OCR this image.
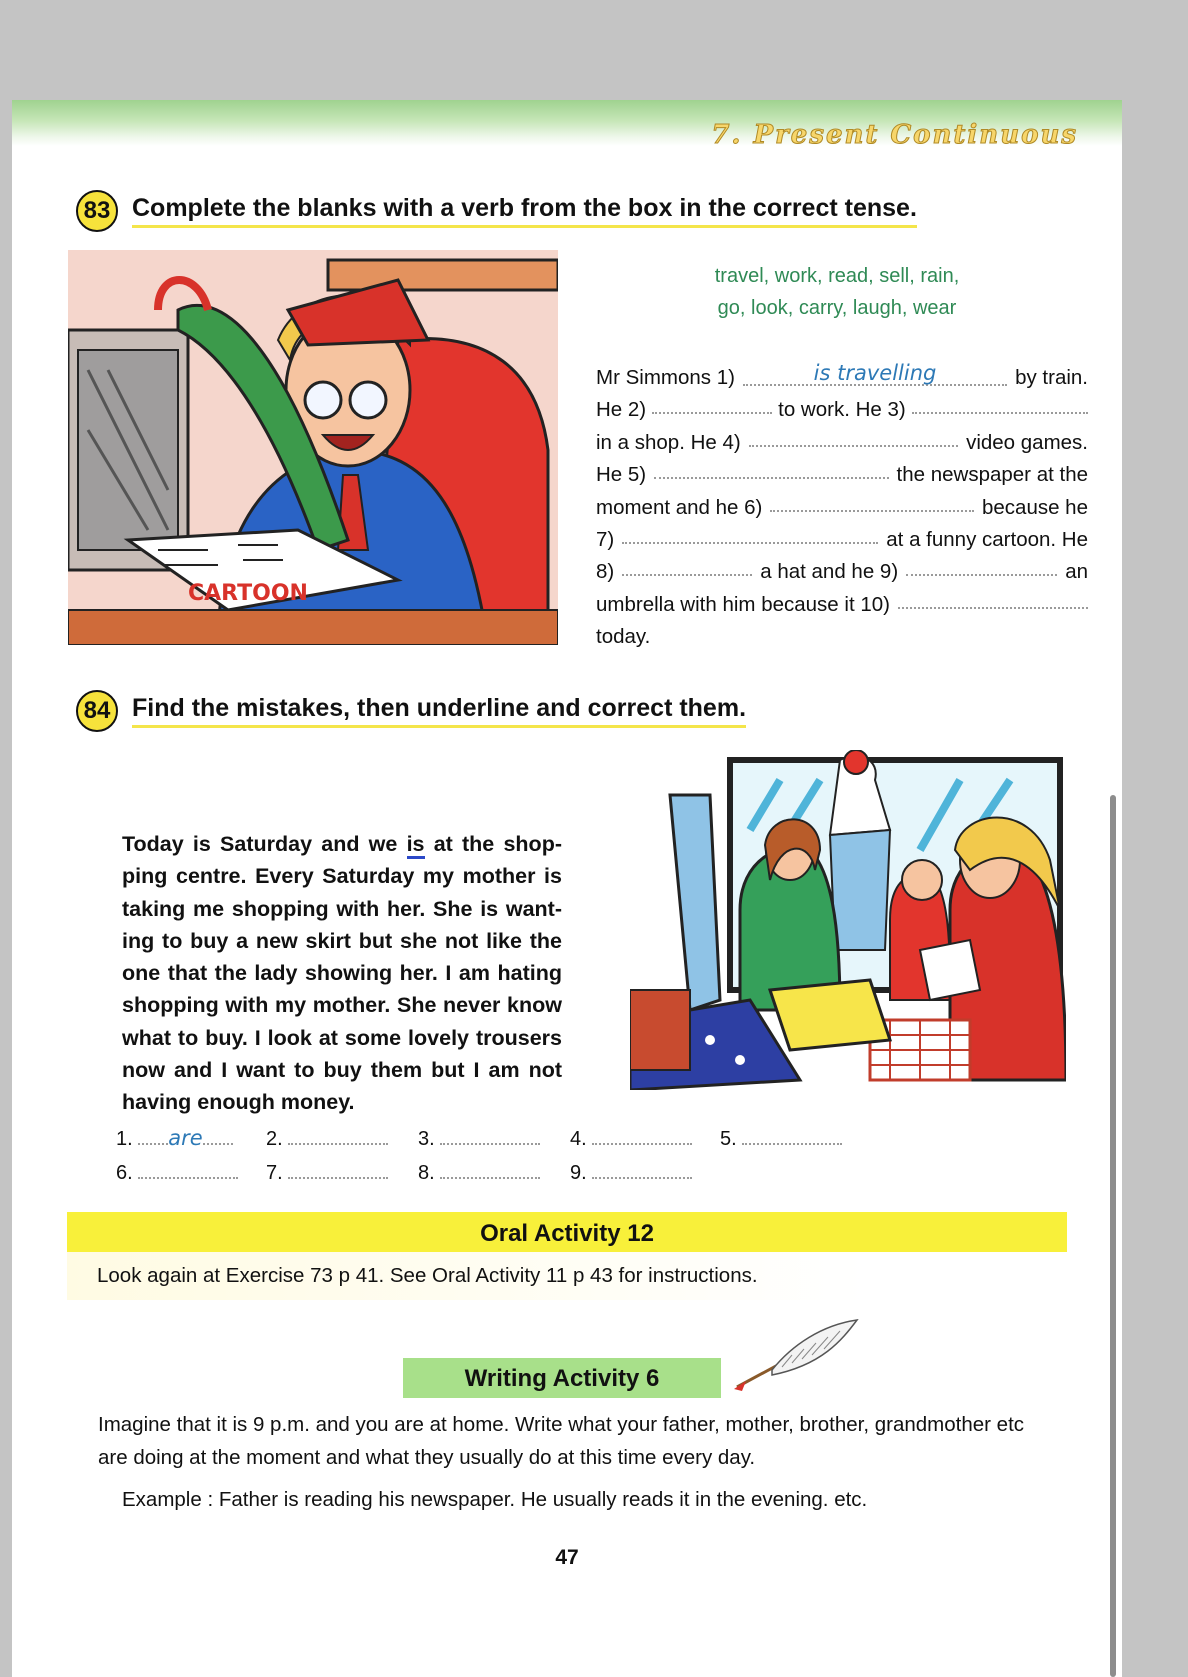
7. Present Continuous
83 Complete the blanks with a verb from the box in the correct tense.
CARTOON
travel, work, read, sell, rain,
go, look, carry, laugh, wear
Mr Simmons 1)	is travelling	by train.
He 2)	to work. He 3)
in a shop. He 4)	video games.
He 5)	the newspaper at the
moment and he 6)	because he
7)	at a funny cartoon. He
8)	a hat and he 9)	an
umbrella with him because it 10)
today.
84 Find the mistakes, then underline and correct them.
Today is Saturday and we is at the shop-ping centre. Every Saturday my mother is taking me shopping with her. She is want-ing to buy a new skirt but she not like the one that the lady showing her. I am hating shopping with my mother. She never know what to buy. I look at some lovely trousers now and I want to buy them but I am not having enough money.
1. are	2.	3.	4.	5.
6.	7.	8.	9.
Oral Activity 12
Look again at Exercise 73 p 41. See Oral Activity 11 p 43 for instructions.
Writing Activity 6
Imagine that it is 9 p.m. and you are at home. Write what your father, mother, brother, grandmother etc are doing at the moment and what they usually do at this time every day.
Example : Father is reading his newspaper. He usually reads it in the evening. etc.
47
